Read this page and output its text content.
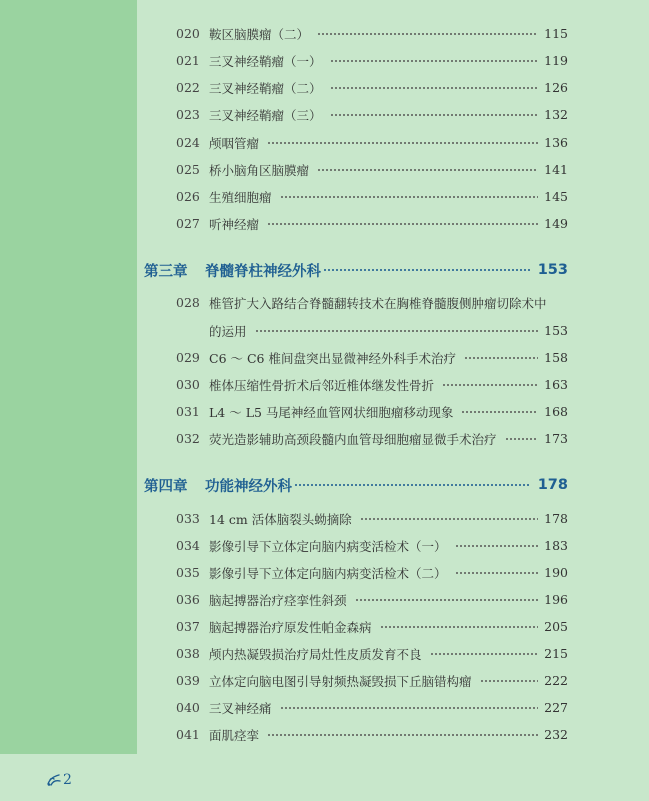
020 鞍区脑膜瘤（二）	115
021 三叉神经鞘瘤（一）	119
022 三叉神经鞘瘤（二）	126
023 三叉神经鞘瘤（三）	132
024 颅咽管瘤	136
025 桥小脑角区脑膜瘤	141
026 生殖细胞瘤	145
027 听神经瘤	149
第三章	脊髓脊柱神经外科	153
028 椎管扩大入路结合脊髓翻转技术在胸椎脊髓腹侧肿瘤切除术中
的运用	153
029 C6 ～ C6 椎间盘突出显微神经外科手术治疗	158
030 椎体压缩性骨折术后邻近椎体继发性骨折	163
031 L4 ～ L5 马尾神经血管网状细胞瘤移动现象	168
032 荧光造影辅助高颈段髓内血管母细胞瘤显微手术治疗	173
第四章	功能神经外科	178
033 14 cm 活体脑裂头蚴摘除	178
034 影像引导下立体定向脑内病变活检术（一）	183
035 影像引导下立体定向脑内病变活检术（二）	190
036 脑起搏器治疗痉挛性斜颈	196
037 脑起搏器治疗原发性帕金森病	205
038 颅内热凝毁损治疗局灶性皮质发育不良	215
039 立体定向脑电图引导射频热凝毁损下丘脑错构瘤	222
040 三叉神经痛	227
041 面肌痉挛	232
2
